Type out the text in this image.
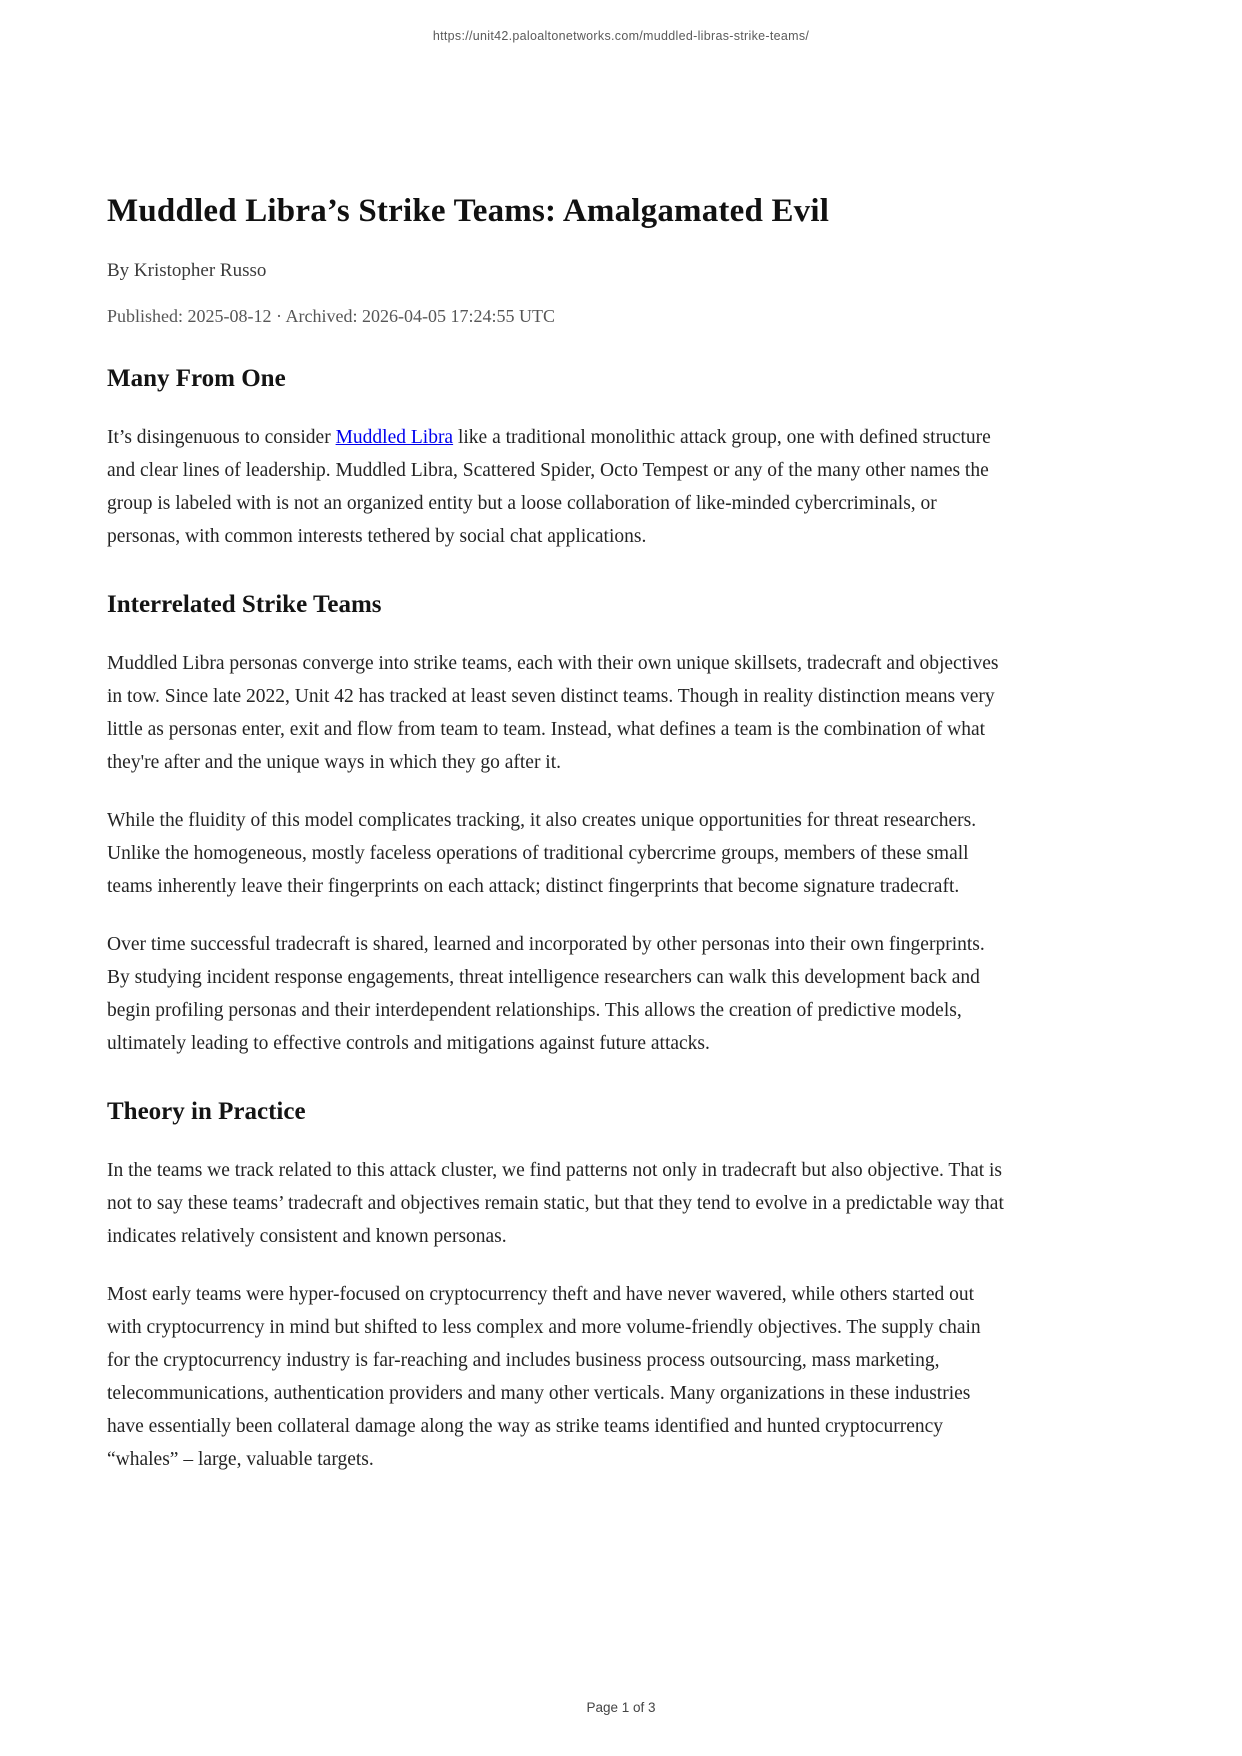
https://unit42.paloaltonetworks.com/muddled-libras-strike-teams/
Muddled Libra’s Strike Teams: Amalgamated Evil
By Kristopher Russo
Published: 2025-08-12 · Archived: 2026-04-05 17:24:55 UTC
Many From One

It’s disingenuous to consider Muddled Libra like a traditional monolithic attack group, one with defined structure and clear lines of leadership. Muddled Libra, Scattered Spider, Octo Tempest or any of the many other names the group is labeled with is not an organized entity but a loose collaboration of like-minded cybercriminals, or personas, with common interests tethered by social chat applications.

Interrelated Strike Teams

Muddled Libra personas converge into strike teams, each with their own unique skillsets, tradecraft and objectives in tow. Since late 2022, Unit 42 has tracked at least seven distinct teams. Though in reality distinction means very little as personas enter, exit and flow from team to team. Instead, what defines a team is the combination of what they're after and the unique ways in which they go after it.

While the fluidity of this model complicates tracking, it also creates unique opportunities for threat researchers. Unlike the homogeneous, mostly faceless operations of traditional cybercrime groups, members of these small teams inherently leave their fingerprints on each attack; distinct fingerprints that become signature tradecraft.

Over time successful tradecraft is shared, learned and incorporated by other personas into their own fingerprints. By studying incident response engagements, threat intelligence researchers can walk this development back and begin profiling personas and their interdependent relationships. This allows the creation of predictive models, ultimately leading to effective controls and mitigations against future attacks.

Theory in Practice

In the teams we track related to this attack cluster, we find patterns not only in tradecraft but also objective. That is not to say these teams’ tradecraft and objectives remain static, but that they tend to evolve in a predictable way that indicates relatively consistent and known personas.

Most early teams were hyper-focused on cryptocurrency theft and have never wavered, while others started out with cryptocurrency in mind but shifted to less complex and more volume-friendly objectives. The supply chain for the cryptocurrency industry is far-reaching and includes business process outsourcing, mass marketing, telecommunications, authentication providers and many other verticals. Many organizations in these industries have essentially been collateral damage along the way as strike teams identified and hunted cryptocurrency “whales” – large, valuable targets.

Page 1 of 3
